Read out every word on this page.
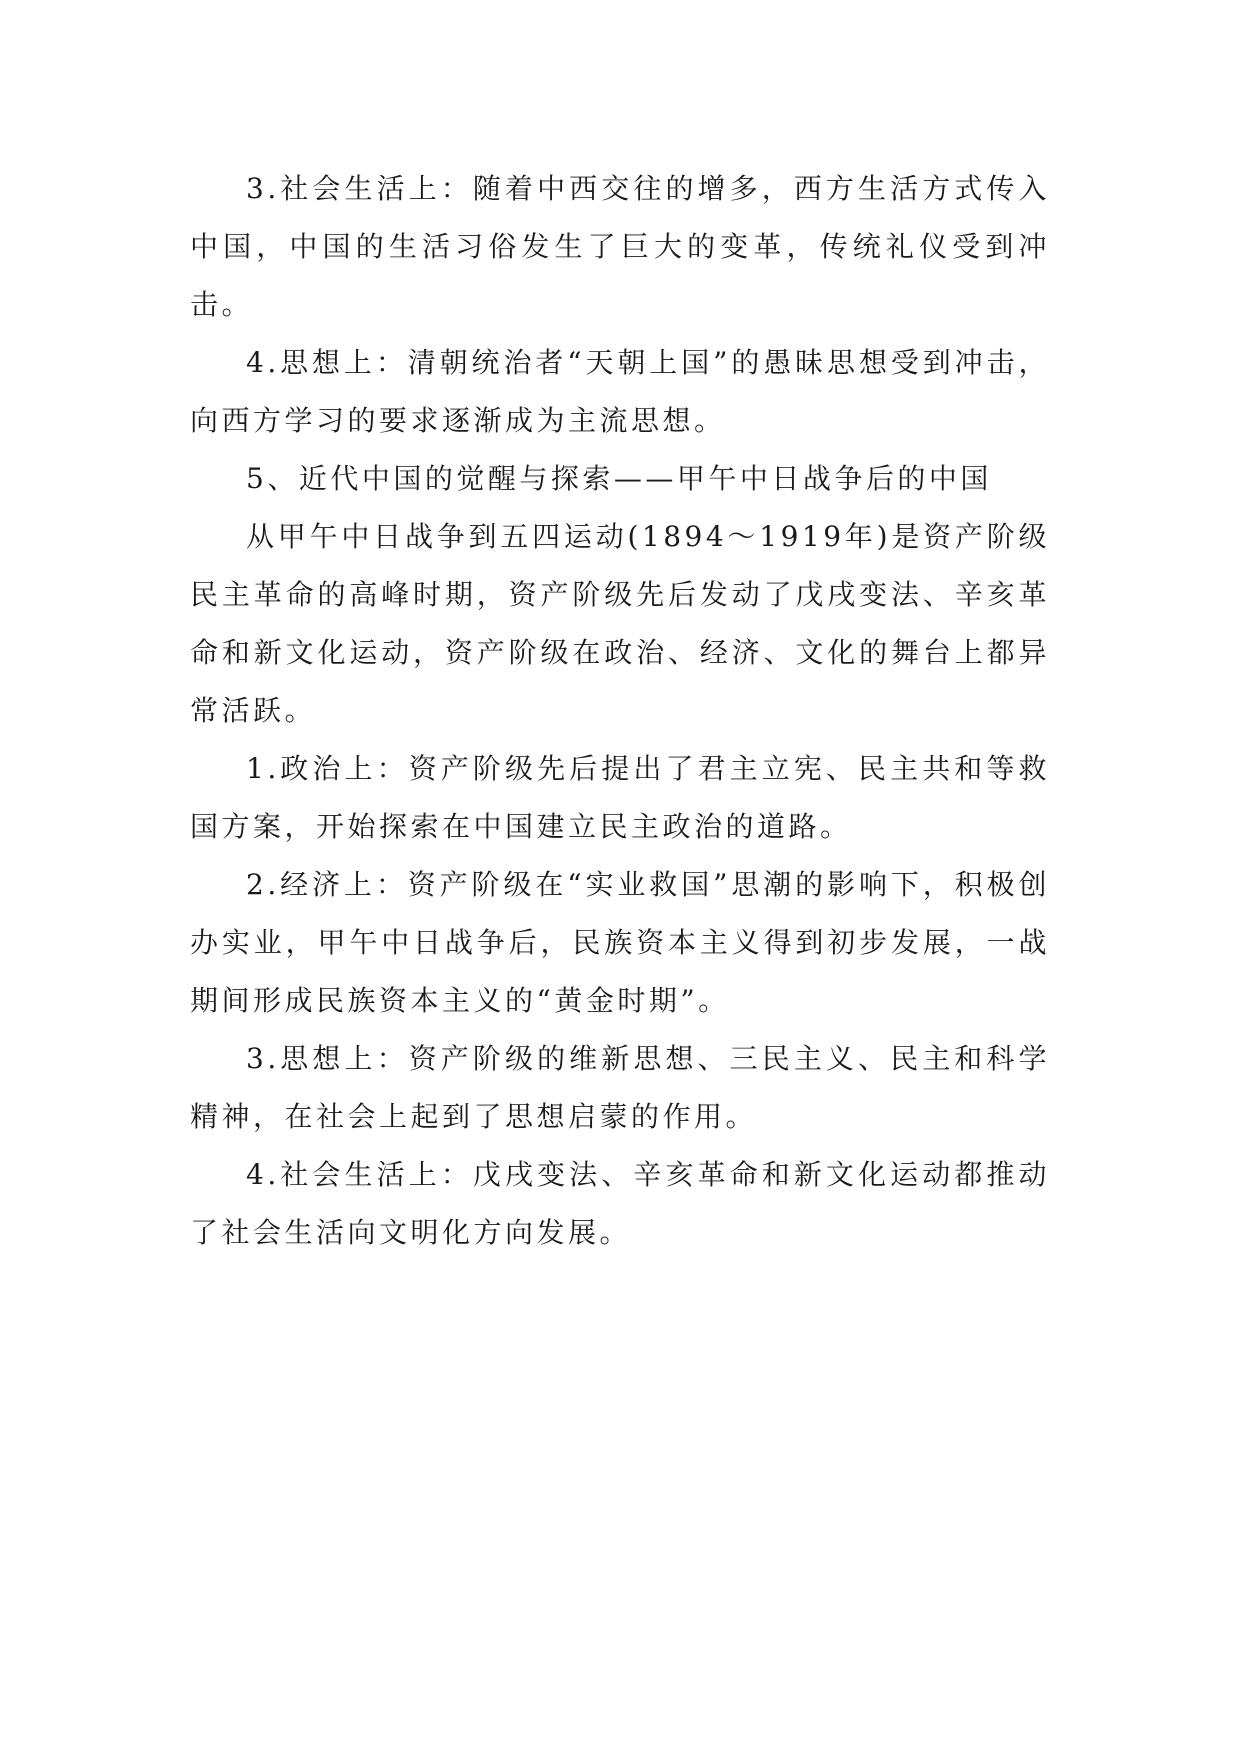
3.社会生活上：随着中西交往的增多，西方生活方式传入中国，中国的生活习俗发生了巨大的变革，传统礼仪受到冲击。

4.思想上：清朝统治者“天朝上国”的愚昧思想受到冲击，向西方学习的要求逐渐成为主流思想。

5、近代中国的觉醒与探索——甲午中日战争后的中国

从甲午中日战争到五四运动(1894～1919年)是资产阶级民主革命的高峰时期，资产阶级先后发动了戊戌变法、辛亥革命和新文化运动，资产阶级在政治、经济、文化的舞台上都异常活跃。

1.政治上：资产阶级先后提出了君主立宪、民主共和等救国方案，开始探索在中国建立民主政治的道路。

2.经济上：资产阶级在“实业救国”思潮的影响下，积极创办实业，甲午中日战争后，民族资本主义得到初步发展，一战期间形成民族资本主义的“黄金时期”。

3.思想上：资产阶级的维新思想、三民主义、民主和科学精神，在社会上起到了思想启蒙的作用。

4.社会生活上：戊戌变法、辛亥革命和新文化运动都推动了社会生活向文明化方向发展。
